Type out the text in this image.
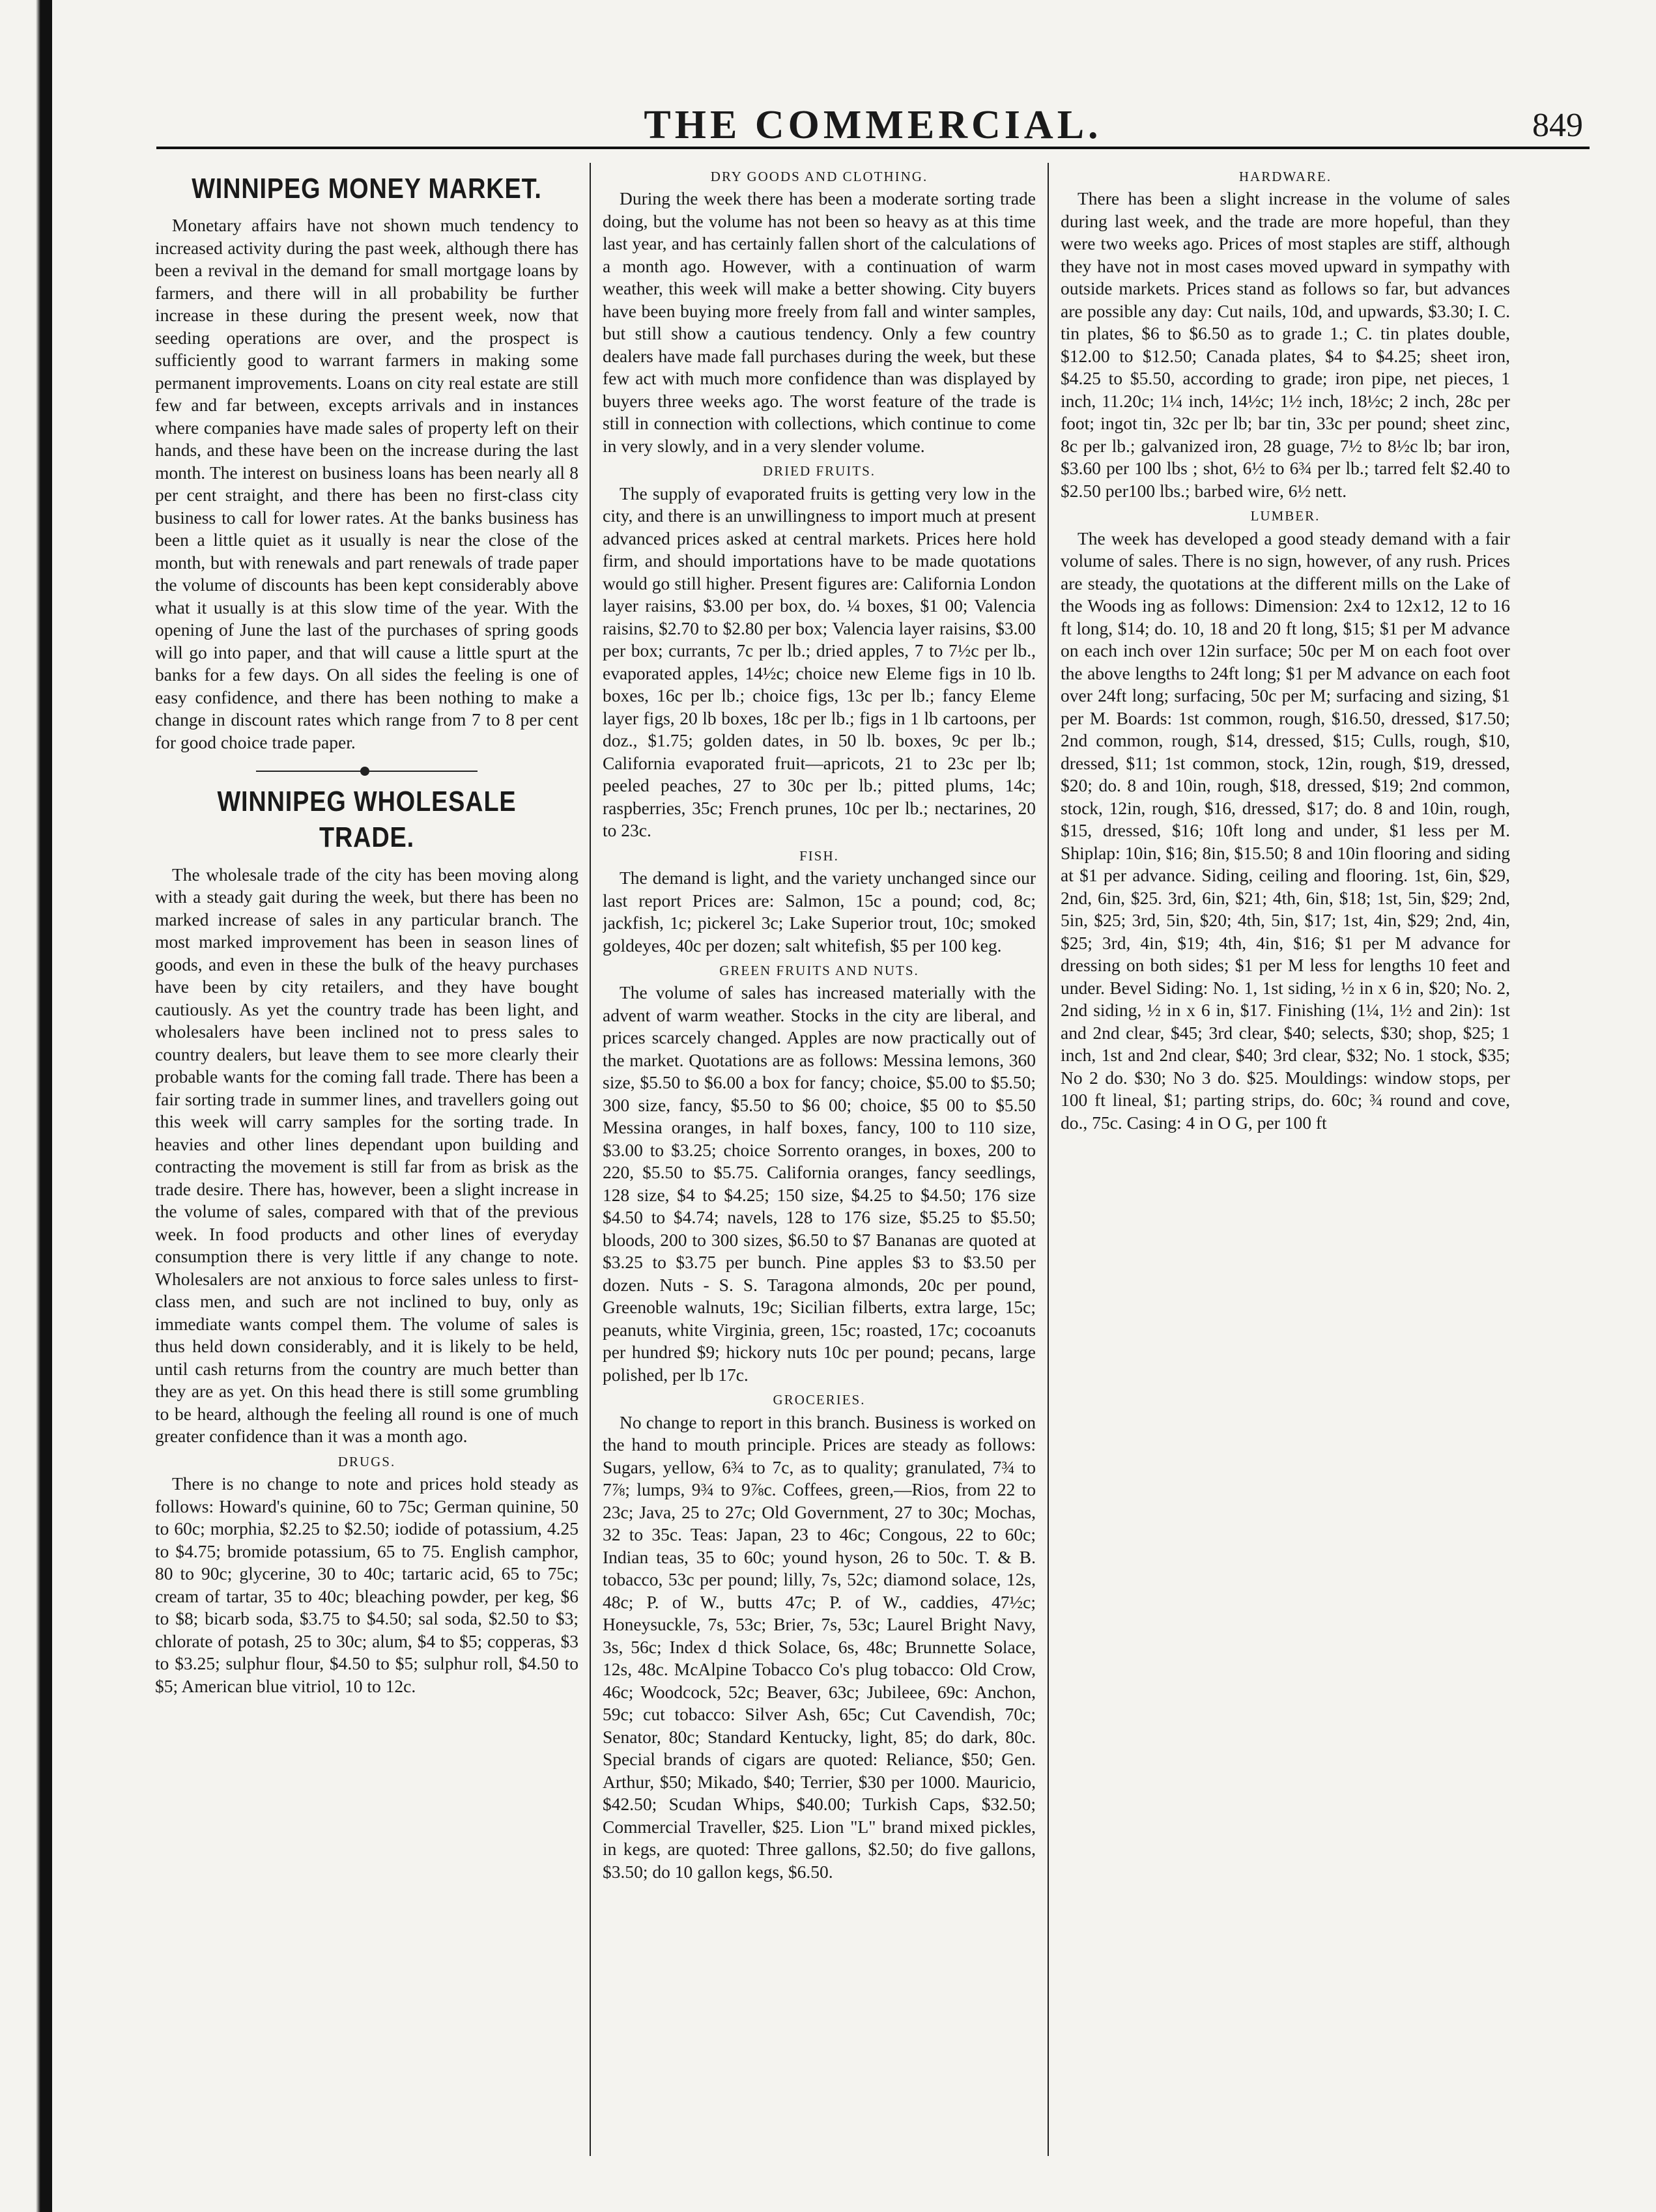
THE COMMERCIAL.	849
WINNIPEG MONEY MARKET.

Monetary affairs have not shown much tendency to increased activity during the past week, although there has been a revival in the demand for small mortgage loans by farmers, and there will in all probability be further increase in these during the present week, now that seeding operations are over, and the prospect is sufficiently good to warrant farmers in making some permanent improvements. Loans on city real estate are still few and far between, excepts arrivals and in instances where companies have made sales of property left on their hands, and these have been on the increase during the last month. The interest on business loans has been nearly all 8 per cent straight, and there has been no first-class city business to call for lower rates. At the banks business has been a little quiet as it usually is near the close of the month, but with renewals and part renewals of trade paper the volume of discounts has been kept considerably above what it usually is at this slow time of the year. With the opening of June the last of the purchases of spring goods will go into paper, and that will cause a little spurt at the banks for a few days. On all sides the feeling is one of easy confidence, and there has been nothing to make a change in discount rates which range from 7 to 8 per cent for good choice trade paper.

WINNIPEG WHOLESALE TRADE.

The wholesale trade of the city has been moving along with a steady gait during the week, but there has been no marked increase of sales in any particular branch. The most marked improvement has been in season lines of goods, and even in these the bulk of the heavy purchases have been by city retailers, and they have bought cautiously. As yet the country trade has been light, and wholesalers have been inclined not to press sales to country dealers, but leave them to see more clearly their probable wants for the coming fall trade. There has been a fair sorting trade in summer lines, and travellers going out this week will carry samples for the sorting trade. In heavies and other lines dependant upon building and contracting the movement is still far from as brisk as the trade desire. There has, however, been a slight increase in the volume of sales, compared with that of the previous week. In food products and other lines of everyday consumption there is very little if any change to note. Wholesalers are not anxious to force sales unless to first-class men, and such are not inclined to buy, only as immediate wants compel them. The volume of sales is thus held down considerably, and it is likely to be held, until cash returns from the country are much better than they are as yet. On this head there is still some grumbling to be heard, although the feeling all round is one of much greater confidence than it was a month ago.

DRUGS.

There is no change to note and prices hold steady as follows: Howard's quinine, 60 to 75c; German quinine, 50 to 60c; morphia, $2.25 to $2.50; iodide of potassium, 4.25 to $4.75; bromide potassium, 65 to 75. English camphor, 80 to 90c; glycerine, 30 to 40c; tartaric acid, 65 to 75c; cream of tartar, 35 to 40c; bleaching powder, per keg, $6 to $8; bicarb soda, $3.75 to $4.50; sal soda, $2.50 to $3; chlorate of potash, 25 to 30c; alum, $4 to $5; copperas, $3 to $3.25; sulphur flour, $4.50 to $5; sulphur roll, $4.50 to $5; American blue vitriol, 10 to 12c.

DRY GOODS AND CLOTHING.

During the week there has been a moderate sorting trade doing, but the volume has not been so heavy as at this time last year, and has certainly fallen short of the calculations of a month ago. However, with a continuation of warm weather, this week will make a better showing. City buyers have been buying more freely from fall and winter samples, but still show a cautious tendency. Only a few country dealers have made fall purchases during the week, but these few act with much more confidence than was displayed by buyers three weeks ago. The worst feature of the trade is still in connection with collections, which continue to come in very slowly, and in a very slender volume.

DRIED FRUITS.

The supply of evaporated fruits is getting very low in the city, and there is an unwillingness to import much at present advanced prices asked at central markets. Prices here hold firm, and should importations have to be made quotations would go still higher. Present figures are: California London layer raisins, $3.00 per box, do. ¼ boxes, $1 00; Valencia raisins, $2.70 to $2.80 per box; Valencia layer raisins, $3.00 per box; currants, 7c per lb.; dried apples, 7 to 7½c per lb., evaporated apples, 14½c; choice new Eleme figs in 10 lb. boxes, 16c per lb.; choice figs, 13c per lb.; fancy Eleme layer figs, 20 lb boxes, 18c per lb.; figs in 1 lb cartoons, per doz., $1.75; golden dates, in 50 lb. boxes, 9c per lb.; California evaporated fruit—apricots, 21 to 23c per lb; peeled peaches, 27 to 30c per lb.; pitted plums, 14c; raspberries, 35c; French prunes, 10c per lb.; nectarines, 20 to 23c.

FISH.

The demand is light, and the variety unchanged since our last report Prices are: Salmon, 15c a pound; cod, 8c; jackfish, 1c; pickerel 3c; Lake Superior trout, 10c; smoked goldeyes, 40c per dozen; salt whitefish, $5 per 100 keg.

GREEN FRUITS AND NUTS.

The volume of sales has increased materially with the advent of warm weather. Stocks in the city are liberal, and prices scarcely changed. Apples are now practically out of the market. Quotations are as follows: Messina lemons, 360 size, $5.50 to $6.00 a box for fancy; choice, $5.00 to $5.50; 300 size, fancy, $5.50 to $6 00; choice, $5 00 to $5.50 Messina oranges, in half boxes, fancy, 100 to 110 size, $3.00 to $3.25; choice Sorrento oranges, in boxes, 200 to 220, $5.50 to $5.75. California oranges, fancy seedlings, 128 size, $4 to $4.25; 150 size, $4.25 to $4.50; 176 size $4.50 to $4.74; navels, 128 to 176 size, $5.25 to $5.50; bloods, 200 to 300 sizes, $6.50 to $7 Bananas are quoted at $3.25 to $3.75 per bunch. Pine apples $3 to $3.50 per dozen. Nuts - S. S. Taragona almonds, 20c per pound, Greenoble walnuts, 19c; Sicilian filberts, extra large, 15c; peanuts, white Virginia, green, 15c; roasted, 17c; cocoanuts per hundred $9; hickory nuts 10c per pound; pecans, large polished, per lb 17c.

GROCERIES.

No change to report in this branch. Business is worked on the hand to mouth principle. Prices are steady as follows: Sugars, yellow, 6¾ to 7c, as to quality; granulated, 7¾ to 7⅞; lumps, 9¾ to 9⅞c. Coffees, green,—Rios, from 22 to 23c; Java, 25 to 27c; Old Government, 27 to 30c; Mochas, 32 to 35c. Teas: Japan, 23 to 46c; Congous, 22 to 60c; Indian teas, 35 to 60c; yound hyson, 26 to 50c. T. & B. tobacco, 53c per pound; lilly, 7s, 52c; diamond solace, 12s, 48c; P. of W., butts 47c; P. of W., caddies, 47½c; Honeysuckle, 7s, 53c; Brier, 7s, 53c; Laurel Bright Navy, 3s, 56c; Index d thick Solace, 6s, 48c; Brunnette Solace, 12s, 48c. McAlpine Tobacco Co's plug tobacco: Old Crow, 46c; Woodcock, 52c; Beaver, 63c; Jubileee, 69c: Anchon, 59c; cut tobacco: Silver Ash, 65c; Cut Cavendish, 70c; Senator, 80c; Standard Kentucky, light, 85; do dark, 80c. Special brands of cigars are quoted: Reliance, $50; Gen. Arthur, $50; Mikado, $40; Terrier, $30 per 1000. Mauricio, $42.50; Scudan Whips, $40.00; Turkish Caps, $32.50; Commercial Traveller, $25. Lion "L" brand mixed pickles, in kegs, are quoted: Three gallons, $2.50; do five gallons, $3.50; do 10 gallon kegs, $6.50.

HARDWARE.

There has been a slight increase in the volume of sales during last week, and the trade are more hopeful, than they were two weeks ago. Prices of most staples are stiff, although they have not in most cases moved upward in sympathy with outside markets. Prices stand as follows so far, but advances are possible any day: Cut nails, 10d, and upwards, $3.30; I. C. tin plates, $6 to $6.50 as to grade 1.; C. tin plates double, $12.00 to $12.50; Canada plates, $4 to $4.25; sheet iron, $4.25 to $5.50, according to grade; iron pipe, net pieces, 1 inch, 11.20c; 1¼ inch, 14½c; 1½ inch, 18½c; 2 inch, 28c per foot; ingot tin, 32c per lb; bar tin, 33c per pound; sheet zinc, 8c per lb.; galvanized iron, 28 guage, 7½ to 8½c lb; bar iron, $3.60 per 100 lbs ; shot, 6½ to 6¾ per lb.; tarred felt $2.40 to $2.50 per100 lbs.; barbed wire, 6½ nett.

LUMBER.

The week has developed a good steady demand with a fair volume of sales. There is no sign, however, of any rush. Prices are steady, the quotations at the different mills on the Lake of the Woods ing as follows: Dimension: 2x4 to 12x12, 12 to 16 ft long, $14; do. 10, 18 and 20 ft long, $15; $1 per M advance on each inch over 12in surface; 50c per M on each foot over the above lengths to 24ft long; $1 per M advance on each foot over 24ft long; surfacing, 50c per M; surfacing and sizing, $1 per M. Boards: 1st common, rough, $16.50, dressed, $17.50; 2nd common, rough, $14, dressed, $15; Culls, rough, $10, dressed, $11; 1st common, stock, 12in, rough, $19, dressed, $20; do. 8 and 10in, rough, $18, dressed, $19; 2nd common, stock, 12in, rough, $16, dressed, $17; do. 8 and 10in, rough, $15, dressed, $16; 10ft long and under, $1 less per M. Shiplap: 10in, $16; 8in, $15.50; 8 and 10in flooring and siding at $1 per advance. Siding, ceiling and flooring. 1st, 6in, $29, 2nd, 6in, $25. 3rd, 6in, $21; 4th, 6in, $18; 1st, 5in, $29; 2nd, 5in, $25; 3rd, 5in, $20; 4th, 5in, $17; 1st, 4in, $29; 2nd, 4in, $25; 3rd, 4in, $19; 4th, 4in, $16; $1 per M advance for dressing on both sides; $1 per M less for lengths 10 feet and under. Bevel Siding: No. 1, 1st siding, ½ in x 6 in, $20; No. 2, 2nd siding, ½ in x 6 in, $17. Finishing (1¼, 1½ and 2in): 1st and 2nd clear, $45; 3rd clear, $40; selects, $30; shop, $25; 1 inch, 1st and 2nd clear, $40; 3rd clear, $32; No. 1 stock, $35; No 2 do. $30; No 3 do. $25. Mouldings: window stops, per 100 ft lineal, $1; parting strips, do. 60c; ¾ round and cove, do., 75c. Casing: 4 in O G, per 100 ft
